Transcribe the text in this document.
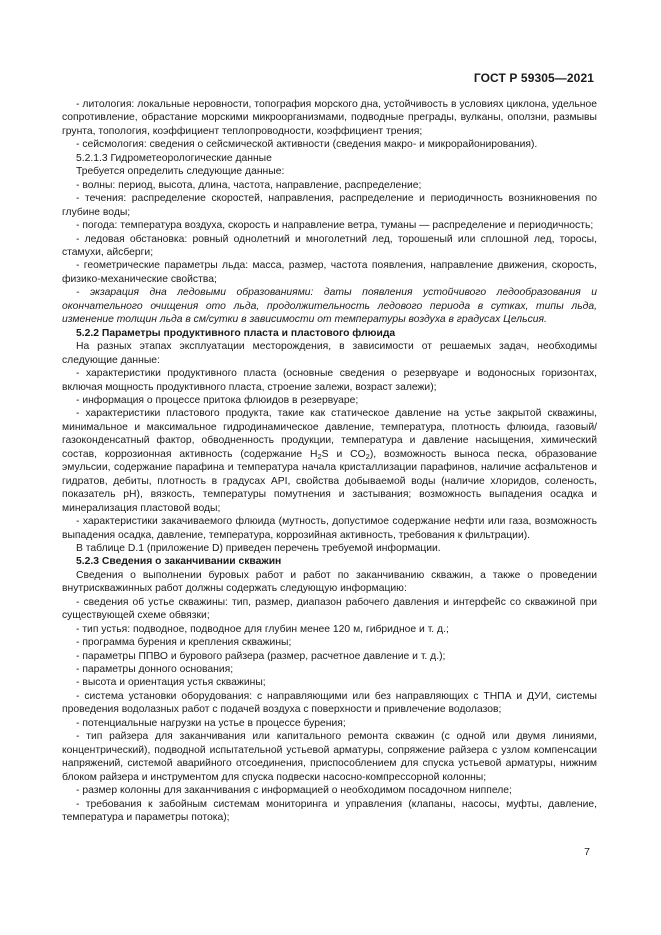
ГОСТ Р 59305—2021

- литология: локальные неровности, топография морского дна, устойчивость в условиях циклона, удельное сопротивление, обрастание морскими микроорганизмами, подводные преграды, вулканы, оползни, размывы грунта, топология, коэффициент теплопроводности, коэффициент трения;

- сейсмология: сведения о сейсмической активности (сведения макро- и микрорайонирования).

5.2.1.3 Гидрометеорологические данные

Требуется определить следующие данные:

- волны: период, высота, длина, частота, направление, распределение;

- течения: распределение скоростей, направления, распределение и периодичность возникновения по глубине воды;

- погода: температура воздуха, скорость и направление ветра, туманы — распределение и периодичность;

- ледовая обстановка: ровный однолетний и многолетний лед, торошеный или сплошной лед, торосы, стамухи, айсберги;

- геометрические параметры льда: масса, размер, частота появления, направление движения, скорость, физико-механические свойства;

- экзарация дна ледовыми образованиями: даты появления устойчивого ледообразования и окончательного очищения ото льда, продолжительность ледового периода в сутках, типы льда, изменение толщин льда в см/сутки в зависимости от температуры воздуха в градусах Цельсия.

5.2.2 Параметры продуктивного пласта и пластового флюида

На разных этапах эксплуатации месторождения, в зависимости от решаемых задач, необходимы следующие данные:

- характеристики продуктивного пласта (основные сведения о резервуаре и водоносных горизонтах, включая мощность продуктивного пласта, строение залежи, возраст залежи);

- информация о процессе притока флюидов в резервуаре;

- характеристики пластового продукта, такие как статическое давление на устье закрытой скважины, минимальное и максимальное гидродинамическое давление, температура, плотность флюида, газовый/газоконденсатный фактор, обводненность продукции, температура и давление насыщения, химический состав, коррозионная активность (содержание $H_2S$ и $CO_2$), возможность выноса песка, образование эмульсии, содержание парафина и температура начала кристаллизации парафинов, наличие асфальтенов и гидратов, дебиты, плотность в градусах API, свойства добываемой воды (наличие хлоридов, соленость, показатель pH), вязкость, температуры помутнения и застывания; возможность выпадения осадка и минерализация пластовой воды;

- характеристики закачиваемого флюида (мутность, допустимое содержание нефти или газа, возможность выпадения осадка, давление, температура, коррозийная активность, требования к фильтрации).

В таблице D.1 (приложение D) приведен перечень требуемой информации.

5.2.3 Сведения о заканчивании скважин

Сведения о выполнении буровых работ и работ по заканчиванию скважин, а также о проведении внутрискважинных работ должны содержать следующую информацию:

- сведения об устье скважины: тип, размер, диапазон рабочего давления и интерфейс со скважиной при существующей схеме обвязки;

- тип устья: подводное, подводное для глубин менее 120 м, гибридное и т. д.;

- программа бурения и крепления скважины;

- параметры ППВО и бурового райзера (размер, расчетное давление и т. д.);

- параметры донного основания;

- высота и ориентация устья скважины;

- система установки оборудования: с направляющими или без направляющих с ТНПА и ДУИ, системы проведения водолазных работ с подачей воздуха с поверхности и привлечение водолазов;

- потенциальные нагрузки на устье в процессе бурения;

- тип райзера для заканчивания или капитального ремонта скважин (с одной или двумя линиями, концентрический), подводной испытательной устьевой арматуры, сопряжение райзера с узлом компенсации напряжений, системой аварийного отсоединения, приспособлением для спуска устьевой арматуры, нижним блоком райзера и инструментом для спуска подвески насосно-компрессорной колонны;

- размер колонны для заканчивания с информацией о необходимом посадочном ниппеле;

- требования к забойным системам мониторинга и управления (клапаны, насосы, муфты, давление, температура и параметры потока);

7
